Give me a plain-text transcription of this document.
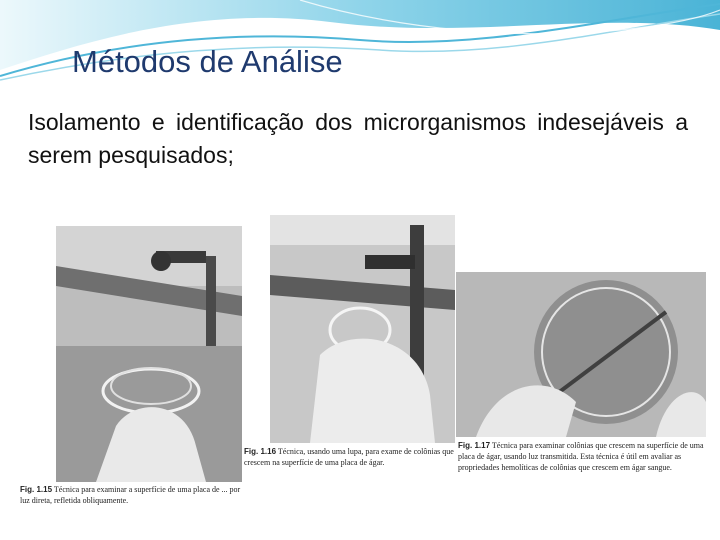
Métodos de Análise
Isolamento e identificação dos microrganismos indesejáveis a serem pesquisados;
Fig. 1.15 Técnica para examinar a superfície de uma placa de ... por luz direta, refletida obliquamente.
Fig. 1.16 Técnica, usando uma lupa, para exame de colônias que crescem na superfície de uma placa de ágar.
Fig. 1.17 Técnica para examinar colônias que crescem na superfície de uma placa de ágar, usando luz transmitida. Esta técnica é útil em avaliar as propriedades hemolíticas de colônias que crescem em ágar sangue.
